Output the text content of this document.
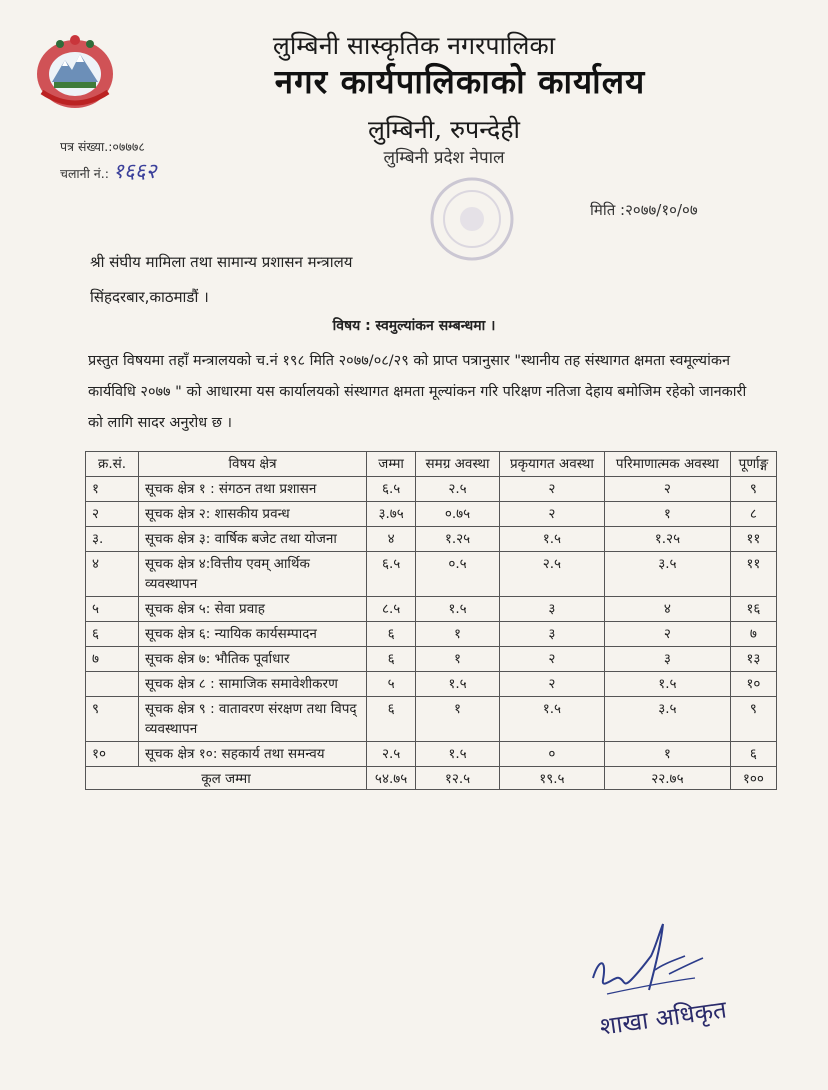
लुम्बिनी सास्कृतिक नगरपालिका
नगर कार्यपालिकाको कार्यालय
लुम्बिनी, रुपन्देही
लुम्बिनी प्रदेश नेपाल
पत्र संख्या.:०७७७८
चलानी नं.: १६६२
मिति :२०७७/१०/०७
श्री संघीय मामिला तथा सामान्य प्रशासन मन्त्रालय
सिंहदरबार,काठमाडौं ।
विषय : स्वमुल्यांकन सम्बन्धमा ।
प्रस्तुत विषयमा तहाँ मन्त्रालयको च.नं १९८ मिति २०७७/०८/२९ को प्राप्त पत्रानुसार "स्थानीय तह संस्थागत क्षमता स्वमूल्यांकन कार्यविधि २०७७ " को आधारमा यस कार्यालयको संस्थागत क्षमता मूल्यांकन गरि परिक्षण नतिजा देहाय बमोजिम रहेको जानकारी को लागि सादर अनुरोध छ ।
क्र.सं.	विषय क्षेत्र	जम्मा	समग्र अवस्था	प्रकृयागत अवस्था	परिमाणात्मक अवस्था	पूर्णाङ्ग
१	सूचक क्षेत्र १ : संगठन तथा प्रशासन	६.५	२.५	२	२	९
२	सूचक क्षेत्र २: शासकीय प्रवन्ध	३.७५	०.७५	२	१	८
३.	सूचक क्षेत्र ३: वार्षिक बजेट तथा योजना	४	१.२५	१.५	१.२५	११
४	सूचक क्षेत्र ४:वित्तीय एवम् आर्थिक व्यवस्थापन	६.५	०.५	२.५	३.५	११
५	सूचक क्षेत्र ५: सेवा प्रवाह	८.५	१.५	३	४	१६
६	सूचक क्षेत्र ६: न्यायिक कार्यसम्पादन	६	१	३	२	७
७	सूचक क्षेत्र ७: भौतिक पूर्वाधार	६	१	२	३	१३
	सूचक क्षेत्र ८ : सामाजिक समावेशीकरण	५	१.५	२	१.५	१०
९	सूचक क्षेत्र ९ : वातावरण संरक्षण तथा विपद् व्यवस्थापन	६	१	१.५	३.५	९
१०	सूचक क्षेत्र १०: सहकार्य तथा समन्वय	२.५	१.५	०	१	६
कूल जम्मा		५४.७५	१२.५	१९.५	२२.७५	१००
शाखा अधिकृत
